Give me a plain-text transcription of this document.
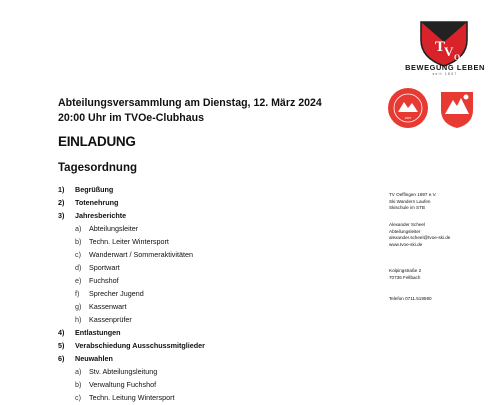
T
V Oe
BEWEGUNG LEBEN
seit 1897
1897
Abteilungsversammlung am Dienstag, 12. März 2024
20:00 Uhr im TVOe-Clubhaus
EINLADUNG
Tagesordnung
1) Begrüßung
2) Totenehrung
3) Jahresberichte
a) Abteilungsleiter
b) Techn. Leiter Wintersport
c) Wanderwart / Sommeraktivitäten
d) Sportwart
e) Fuchshof
f) Sprecher Jugend
g) Kassenwart
h) Kassenprüfer
4) Entlastungen
5) Verabschiedung Ausschussmitglieder
6) Neuwahlen
a) Stv. Abteilungsleitung
b) Verwaltung Fuchshof
c) Techn. Leitung Wintersport
TV Oeffingen 1897 e.V.
Ski Wandern Laufen
Skischule im STB
Alexander Scheel
Abteilungsleiter
alexander.scheel@tvoe-ski.de
www.tvoe-ski.de
Kolpingstraße 2
70736 Fellbach
Telefon 0711.519590
